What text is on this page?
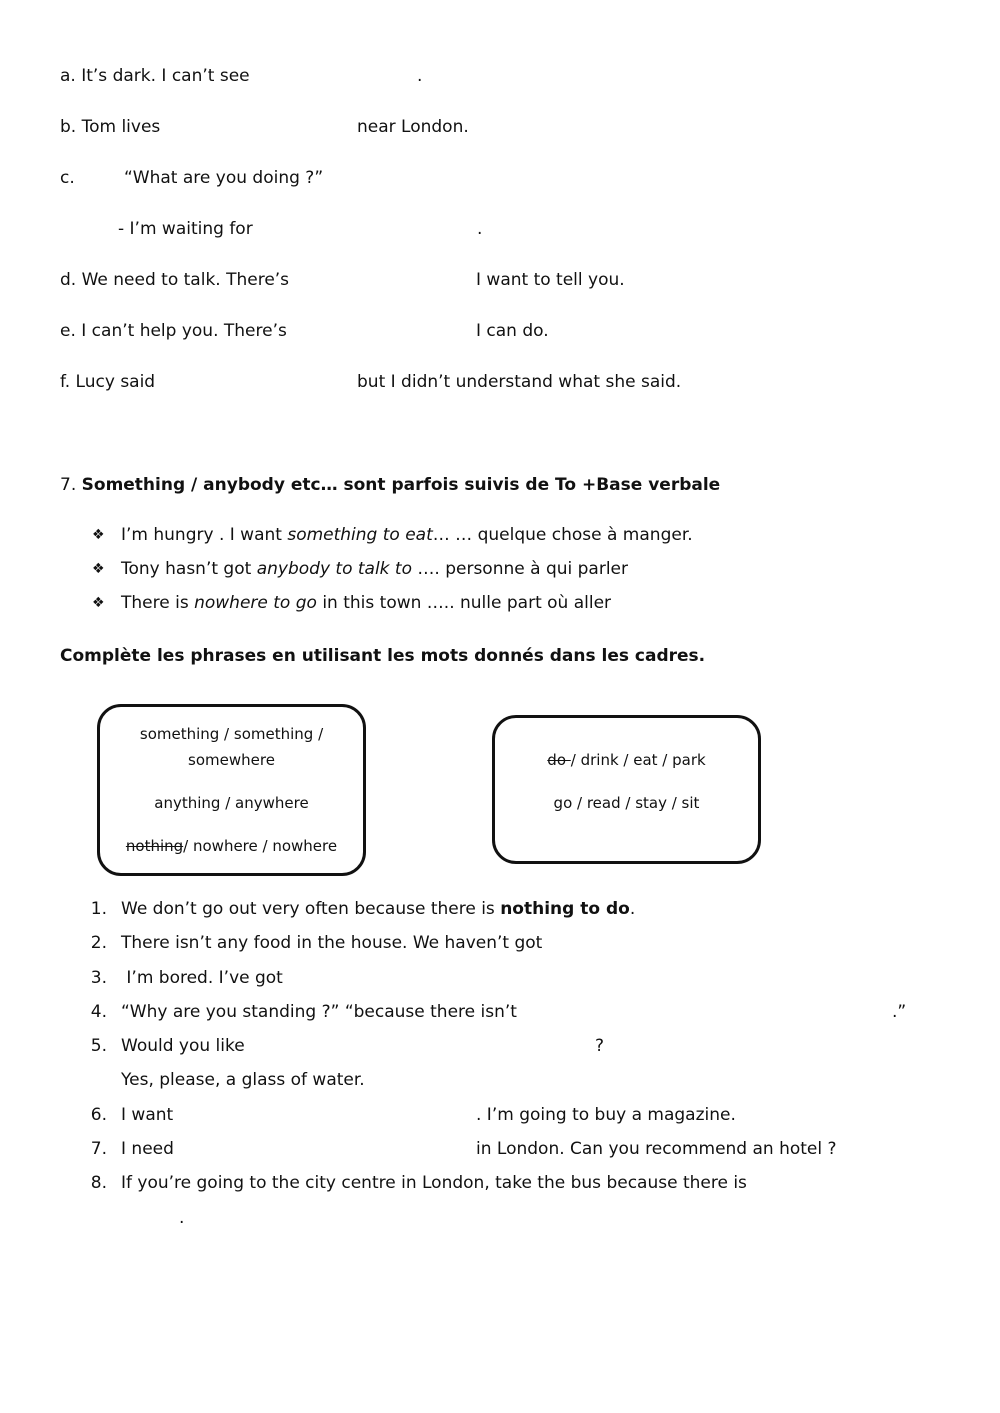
a. It’s dark. I can’t see	.
b. Tom lives	near London.
c.	“What are you doing ?”
- I’m waiting for	.
d. We need to talk. There’s	I want to tell you.
e. I can’t help you. There’s	I can do.
f. Lucy said	but I didn’t understand what she said.
7. Something / anybody etc… sont parfois suivis de To +Base verbale
❖ I’m hungry . I want something to eat… … quelque chose à manger.
❖ Tony hasn’t got anybody to talk to …. personne à qui parler
❖ There is nowhere to go in this town ….. nulle part où aller
Complète les phrases en utilisant les mots donnés dans les cadres.
something / something /
somewhere
anything / anywhere
nothing/ nowhere / nowhere
do / drink / eat / park
go / read / stay / sit
1. We don’t go out very often because there is nothing to do.
2. There isn’t any food in the house. We haven’t got
3. I’m bored. I’ve got
4. “Why are you standing ?” “because there isn’t	.”
5. Would you like	?
Yes, please, a glass of water.
6. I want	. I’m going to buy a magazine.
7. I need	in London. Can you recommend an hotel ?
8. If you’re going to the city centre in London, take the bus because there is
.
